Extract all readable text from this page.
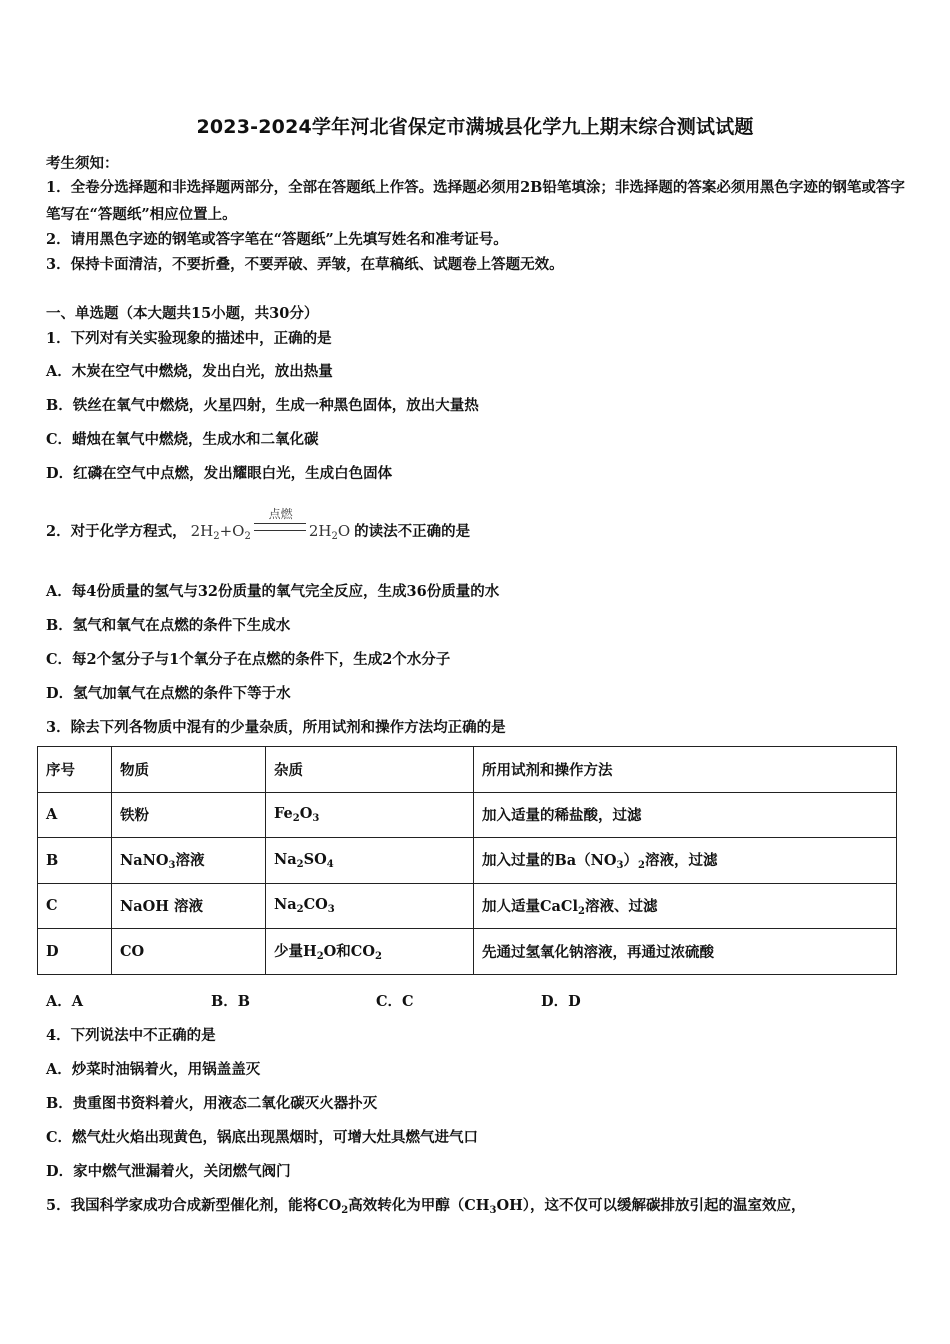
2023-2024学年河北省保定市满城县化学九上期末综合测试试题
考生须知：
1．全卷分选择题和非选择题两部分，全部在答题纸上作答。选择题必须用2B铅笔填涂；非选择题的答案必须用黑色字迹的钢笔或答字笔写在“答题纸”相应位置上。
2．请用黑色字迹的钢笔或答字笔在“答题纸”上先填写姓名和准考证号。
3．保持卡面清洁，不要折叠，不要弄破、弄皱，在草稿纸、试题卷上答题无效。
一、单选题（本大题共15小题，共30分）
1．下列对有关实验现象的描述中，正确的是
A．木炭在空气中燃烧，发出白光，放出热量
B．铁丝在氧气中燃烧，火星四射，生成一种黑色固体，放出大量热
C．蜡烛在氧气中燃烧，生成水和二氧化碳
D．红磷在空气中点燃，发出耀眼白光，生成白色固体
2．对于化学方程式， $2H_2+O_2$
点燃
$2H_2O$ 的读法不正确的是
A．每4份质量的氢气与32份质量的氧气完全反应，生成36份质量的水
B．氢气和氧气在点燃的条件下生成水
C．每2个氢分子与1个氧分子在点燃的条件下，生成2个水分子
D．氢气加氧气在点燃的条件下等于水
3．除去下列各物质中混有的少量杂质，所用试剂和操作方法均正确的是
序号	物质	杂质	所用试剂和操作方法
A	铁粉	$Fe_2O_3$	加入适量的稀盐酸，过滤
B	NaNO$_3$溶液	$Na_2SO_4$	加入过量的$Ba(NO_3)_2$溶液，过滤
C	NaOH 溶液	$Na_2CO_3$	加人适量CaCl$_2$溶液、过滤
D	CO	少量$H_2O$和$CO_2$	先通过氢氧化钠溶液，再通过浓硫酸
A．A	B．B	C．C	D．D
4．下列说法中不正确的是
A．炒菜时油锅着火，用锅盖盖灭
B．贵重图书资料着火，用液态二氧化碳灭火器扑灭
C．燃气灶火焰出现黄色，锅底出现黑烟时，可增大灶具燃气进气口
D．家中燃气泄漏着火，关闭燃气阀门
5．我国科学家成功合成新型催化剂，能将$CO_2$高效转化为甲醇$(CH_3OH)$，这不仅可以缓解碳排放引起的温室效应，
